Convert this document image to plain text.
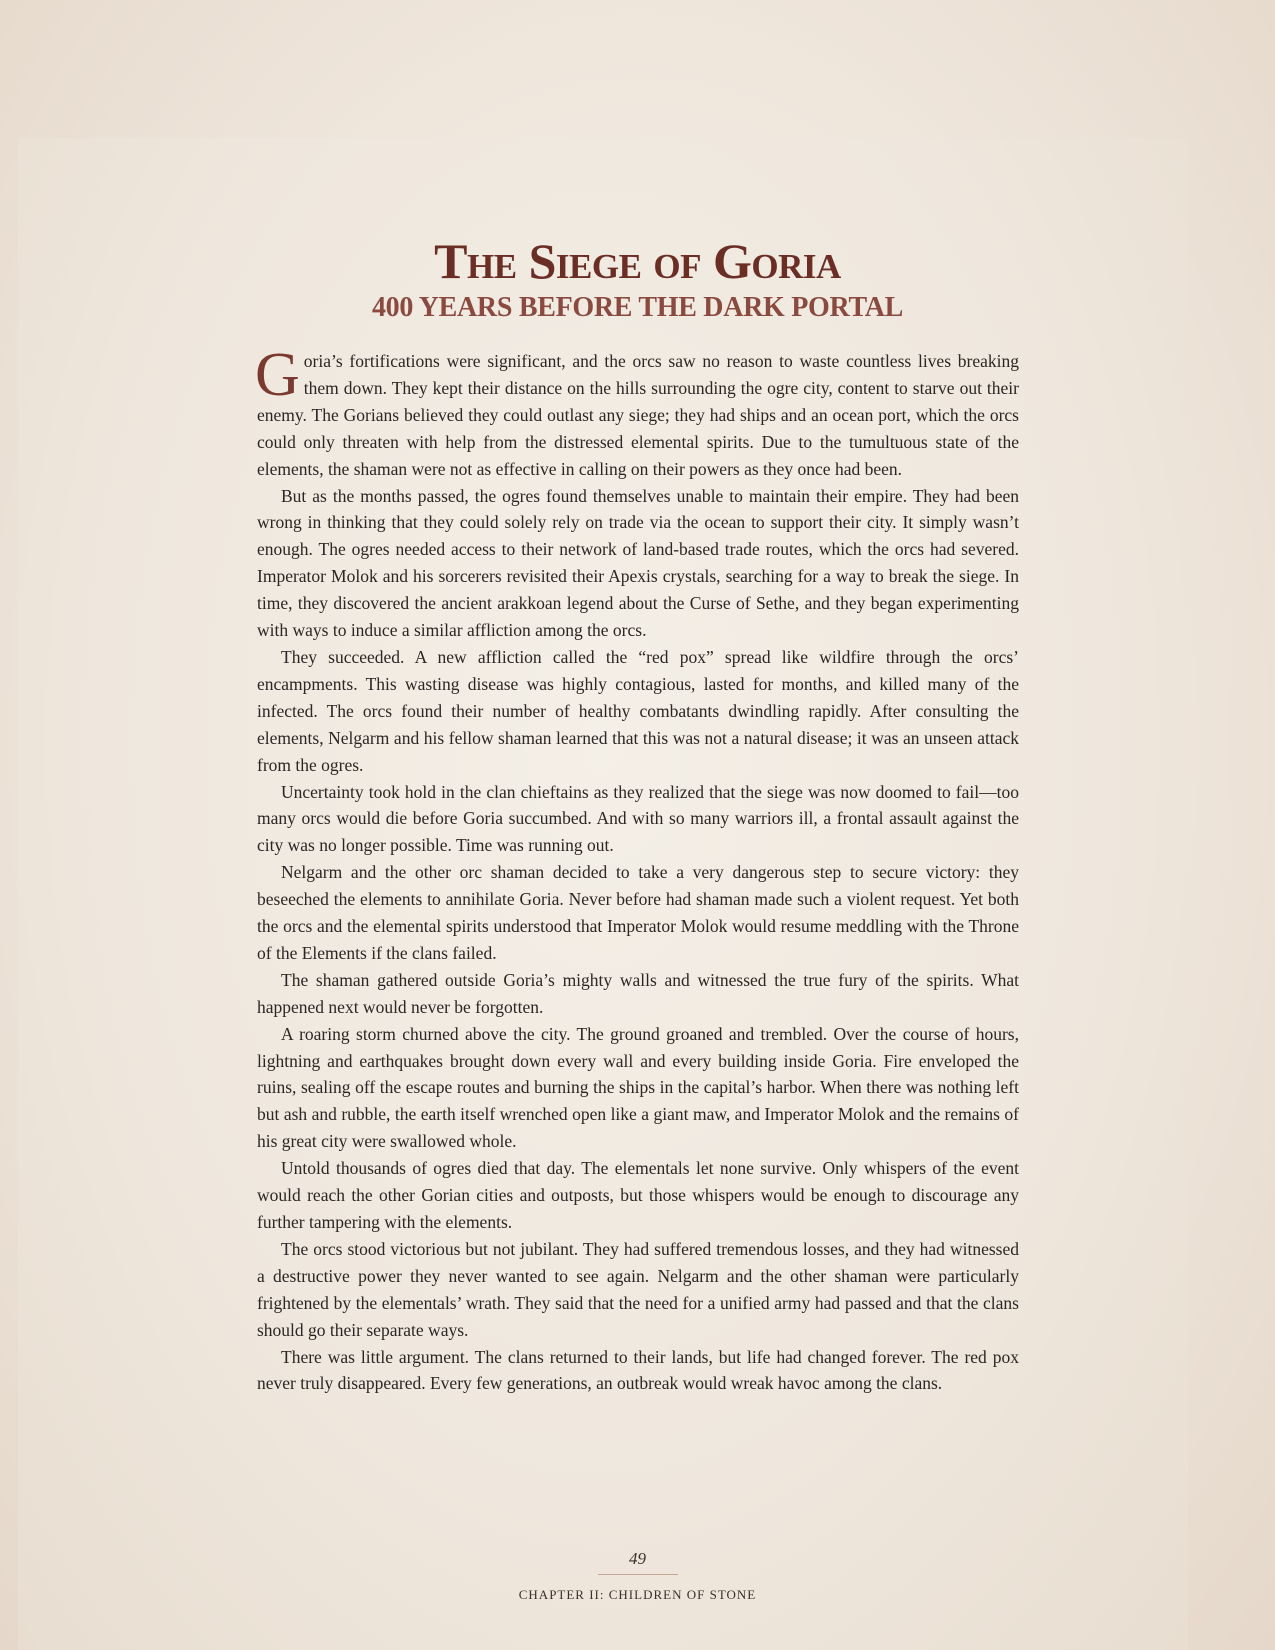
The Siege of Goria
400 YEARS BEFORE THE DARK PORTAL

Goria’s fortifications were significant, and the orcs saw no reason to waste countless lives breaking them down. They kept their distance on the hills surrounding the ogre city, content to starve out their enemy. The Gorians believed they could outlast any siege; they had ships and an ocean port, which the orcs could only threaten with help from the distressed elemental spirits. Due to the tumultuous state of the elements, the shaman were not as effective in calling on their powers as they once had been.

But as the months passed, the ogres found themselves unable to maintain their empire. They had been wrong in thinking that they could solely rely on trade via the ocean to support their city. It simply wasn’t enough. The ogres needed access to their network of land-based trade routes, which the orcs had severed. Imperator Molok and his sorcerers revisited their Apexis crystals, searching for a way to break the siege. In time, they discovered the ancient arakkoan legend about the Curse of Sethe, and they began experimenting with ways to induce a similar affliction among the orcs.

They succeeded. A new affliction called the “red pox” spread like wildfire through the orcs’ encampments. This wasting disease was highly contagious, lasted for months, and killed many of the infected. The orcs found their number of healthy combatants dwindling rapidly. After consulting the elements, Nelgarm and his fellow shaman learned that this was not a natural disease; it was an unseen attack from the ogres.

Uncertainty took hold in the clan chieftains as they realized that the siege was now doomed to fail—too many orcs would die before Goria succumbed. And with so many warriors ill, a frontal assault against the city was no longer possible. Time was running out.

Nelgarm and the other orc shaman decided to take a very dangerous step to secure victory: they beseeched the elements to annihilate Goria. Never before had shaman made such a violent request. Yet both the orcs and the elemental spirits understood that Imperator Molok would resume meddling with the Throne of the Elements if the clans failed.

The shaman gathered outside Goria’s mighty walls and witnessed the true fury of the spirits. What happened next would never be forgotten.

A roaring storm churned above the city. The ground groaned and trembled. Over the course of hours, lightning and earthquakes brought down every wall and every building inside Goria. Fire enveloped the ruins, sealing off the escape routes and burning the ships in the capital’s harbor. When there was nothing left but ash and rubble, the earth itself wrenched open like a giant maw, and Imperator Molok and the remains of his great city were swallowed whole.

Untold thousands of ogres died that day. The elementals let none survive. Only whispers of the event would reach the other Gorian cities and outposts, but those whispers would be enough to discourage any further tampering with the elements.

The orcs stood victorious but not jubilant. They had suffered tremendous losses, and they had witnessed a destructive power they never wanted to see again. Nelgarm and the other shaman were particularly frightened by the elementals’ wrath. They said that the need for a unified army had passed and that the clans should go their separate ways.

There was little argument. The clans returned to their lands, but life had changed forever. The red pox never truly disappeared. Every few generations, an outbreak would wreak havoc among the clans.

49
CHAPTER II: CHILDREN OF STONE
